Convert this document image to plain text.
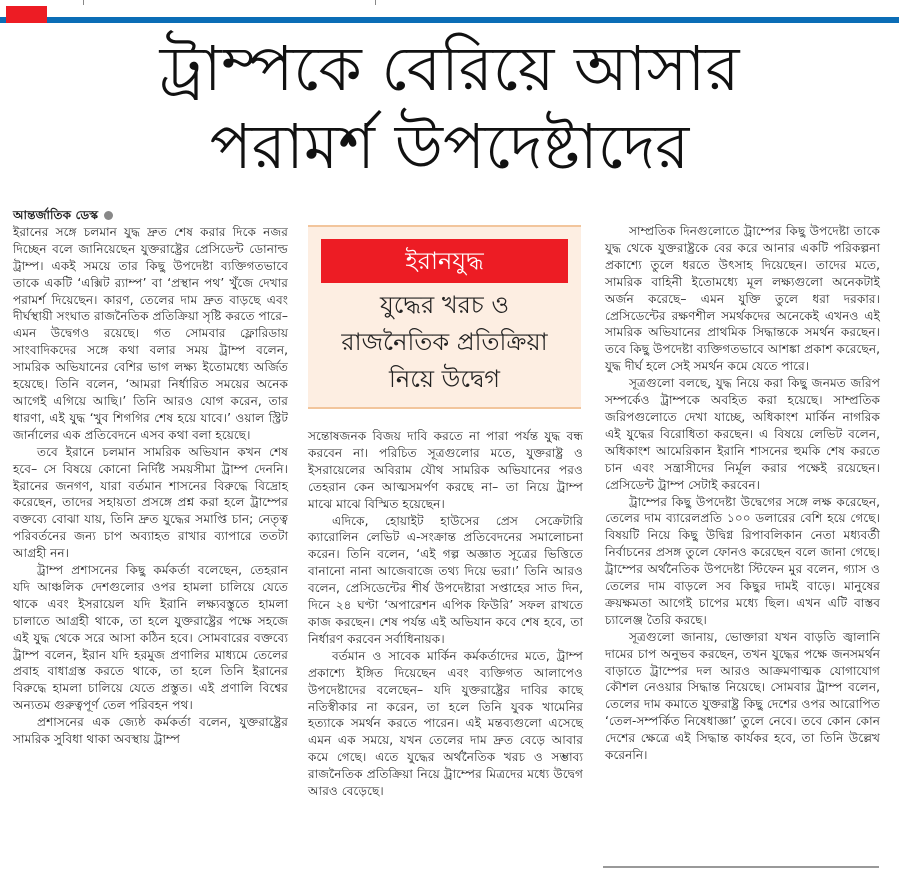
ট্রাম্পকে বেরিয়ে আসার
পরামর্শ উপদেষ্টাদের
আন্তর্জাতিক ডেস্ক

ইরানের সঙ্গে চলমান যুদ্ধ দ্রুত শেষ করার দিকে নজর দিচ্ছেন বলে জানিয়েছেন যুক্তরাষ্ট্রের প্রেসিডেন্ট ডোনাল্ড ট্রাম্প। একই সময়ে তার কিছু উপদেষ্টা ব্যক্তিগতভাবে তাকে একটি ‘এক্সিট র‍্যাম্প’ বা ‘প্রস্থান পথ’ খুঁজে দেখার পরামর্শ দিয়েছেন। কারণ, তেলের দাম দ্রুত বাড়ছে এবং দীর্ঘস্থায়ী সংঘাত রাজনৈতিক প্রতিক্রিয়া সৃষ্টি করতে পারে– এমন উদ্বেগও রয়েছে। গত সোমবার ফ্লোরিডায় সাংবাদিকদের সঙ্গে কথা বলার সময় ট্রাম্প বলেন, সামরিক অভিযানের বেশির ভাগ লক্ষ্য ইতোমধ্যে অর্জিত হয়েছে। তিনি বলেন, ‘আমরা নির্ধারিত সময়ের অনেক আগেই এগিয়ে আছি।’ তিনি আরও যোগ করেন, তার ধারণা, এই যুদ্ধ ‘খুব শিগগির শেষ হয়ে যাবে।’ ওয়াল স্ট্রিট জার্নালের এক প্রতিবেদনে এসব কথা বলা হয়েছে।

তবে ইরানে চলমান সামরিক অভিযান কখন শেষ হবে– সে বিষয়ে কোনো নির্দিষ্ট সময়সীমা ট্রাম্প দেননি। ইরানের জনগণ, যারা বর্তমান শাসনের বিরুদ্ধে বিদ্রোহ করেছেন, তাদের সহায়তা প্রসঙ্গে প্রশ্ন করা হলে ট্রাম্পের বক্তব্যে বোঝা যায়, তিনি দ্রুত যুদ্ধের সমাপ্তি চান; নেতৃত্ব পরিবর্তনের জন্য চাপ অব্যাহত রাখার ব্যাপারে ততটা আগ্রহী নন।

ট্রাম্প প্রশাসনের কিছু কর্মকর্তা বলেছেন, তেহরান যদি আঞ্চলিক দেশগুলোর ওপর হামলা চালিয়ে যেতে থাকে এবং ইসরায়েল যদি ইরানি লক্ষ্যবস্তুতে হামলা চালাতে আগ্রহী থাকে, তা হলে যুক্তরাষ্ট্রের পক্ষে সহজে এই যুদ্ধ থেকে সরে আসা কঠিন হবে। সোমবারের বক্তব্যে ট্রাম্প বলেন, ইরান যদি হরমুজ প্রণালির মাধ্যমে তেলের প্রবাহ বাধাগ্রস্ত করতে থাকে, তা হলে তিনি ইরানের বিরুদ্ধে হামলা চালিয়ে যেতে প্রস্তুত। এই প্রণালি বিশ্বের অন্যতম গুরুত্বপূর্ণ তেল পরিবহন পথ।

প্রশাসনের এক জ্যেষ্ঠ কর্মকর্তা বলেন, যুক্তরাষ্ট্রের সামরিক সুবিধা থাকা অবস্থায় ট্রাম্প

ইরানযুদ্ধ
যুদ্ধের খরচ ও
রাজনৈতিক প্রতিক্রিয়া
নিয়ে উদ্বেগ

সন্তোষজনক বিজয় দাবি করতে না পারা পর্যন্ত যুদ্ধ বন্ধ করবেন না। পরিচিত সূত্রগুলোর মতে, যুক্তরাষ্ট্র ও ইসরায়েলের অবিরাম যৌথ সামরিক অভিযানের পরও তেহরান কেন আত্মসমর্পণ করছে না– তা নিয়ে ট্রাম্প মাঝে মাঝে বিস্মিত হয়েছেন।

এদিকে, হোয়াইট হাউসের প্রেস সেক্রেটারি ক্যারোলিন লেভিট এ-সংক্রান্ত প্রতিবেদনের সমালোচনা করেন। তিনি বলেন, ‘এই গল্প অজ্ঞাত সূত্রের ভিত্তিতে বানানো নানা আজেবাজে তথ্য দিয়ে ভরা।’ তিনি আরও বলেন, প্রেসিডেন্টের শীর্ষ উপদেষ্টারা সপ্তাহের সাত দিন, দিনে ২৪ ঘণ্টা ‘অপারেশন এপিক ফিউরি’ সফল রাখতে কাজ করছেন। শেষ পর্যন্ত এই অভিযান কবে শেষ হবে, তা নির্ধারণ করবেন সর্বাধিনায়ক।

বর্তমান ও সাবেক মার্কিন কর্মকর্তাদের মতে, ট্রাম্প প্রকাশ্যে ইঙ্গিত দিয়েছেন এবং ব্যক্তিগত আলাপেও উপদেষ্টাদের বলেছেন– যদি যুক্তরাষ্ট্রের দাবির কাছে নতিস্বীকার না করেন, তা হলে তিনি যুবক খামেনির হত্যাকে সমর্থন করতে পারেন। এই মন্তব্যগুলো এসেছে এমন এক সময়ে, যখন তেলের দাম দ্রুত বেড়ে আবার কমে গেছে। এতে যুদ্ধের অর্থনৈতিক খরচ ও সম্ভাব্য রাজনৈতিক প্রতিক্রিয়া নিয়ে ট্রাম্পের মিত্রদের মধ্যে উদ্বেগ আরও বেড়েছে।

সাম্প্রতিক দিনগুলোতে ট্রাম্পের কিছু উপদেষ্টা তাকে যুদ্ধ থেকে যুক্তরাষ্ট্রকে বের করে আনার একটি পরিকল্পনা প্রকাশ্যে তুলে ধরতে উৎসাহ দিয়েছেন। তাদের মতে, সামরিক বাহিনী ইতোমধ্যে মূল লক্ষ্যগুলো অনেকটাই অর্জন করেছে– এমন যুক্তি তুলে ধরা দরকার। প্রেসিডেন্টের রক্ষণশীল সমর্থকদের অনেকেই এখনও এই সামরিক অভিযানের প্রাথমিক সিদ্ধান্তকে সমর্থন করছেন। তবে কিছু উপদেষ্টা ব্যক্তিগতভাবে আশঙ্কা প্রকাশ করেছেন, যুদ্ধ দীর্ঘ হলে সেই সমর্থন কমে যেতে পারে।

সূত্রগুলো বলছে, যুদ্ধ নিয়ে করা কিছু জনমত জরিপ সম্পর্কেও ট্রাম্পকে অবহিত করা হয়েছে। সাম্প্রতিক জরিপগুলোতে দেখা যাচ্ছে, অধিকাংশ মার্কিন নাগরিক এই যুদ্ধের বিরোধিতা করছেন। এ বিষয়ে লেভিট বলেন, অধিকাংশ আমেরিকান ইরানি শাসনের হুমকি শেষ করতে চান এবং সন্ত্রাসীদের নির্মূল করার পক্ষেই রয়েছেন। প্রেসিডেন্ট ট্রাম্প সেটাই করবেন।

ট্রাম্পের কিছু উপদেষ্টা উদ্বেগের সঙ্গে লক্ষ করেছেন, তেলের দাম ব্যারেলপ্রতি ১০০ ডলারের বেশি হয়ে গেছে। বিষয়টি নিয়ে কিছু উদ্বিগ্ন রিপাবলিকান নেতা মধ্যবর্তী নির্বাচনের প্রসঙ্গ তুলে ফোনও করেছেন বলে জানা গেছে। ট্রাম্পের অর্থনৈতিক উপদেষ্টা স্টিফেন মুর বলেন, গ্যাস ও তেলের দাম বাড়লে সব কিছুর দামই বাড়ে। মানুষের ক্রয়ক্ষমতা আগেই চাপের মধ্যে ছিল। এখন এটি বাস্তব চ্যালেঞ্জ তৈরি করছে।

সূত্রগুলো জানায়, ভোক্তারা যখন বাড়তি জ্বালানি দামের চাপ অনুভব করছেন, তখন যুদ্ধের পক্ষে জনসমর্থন বাড়াতে ট্রাম্পের দল আরও আক্রমণাত্মক যোগাযোগ কৌশল নেওয়ার সিদ্ধান্ত নিয়েছে। সোমবার ট্রাম্প বলেন, তেলের দাম কমাতে যুক্তরাষ্ট্র কিছু দেশের ওপর আরোপিত ‘তেল-সম্পর্কিত নিষেধাজ্ঞা’ তুলে নেবে। তবে কোন কোন দেশের ক্ষেত্রে এই সিদ্ধান্ত কার্যকর হবে, তা তিনি উল্লেখ করেননি।
